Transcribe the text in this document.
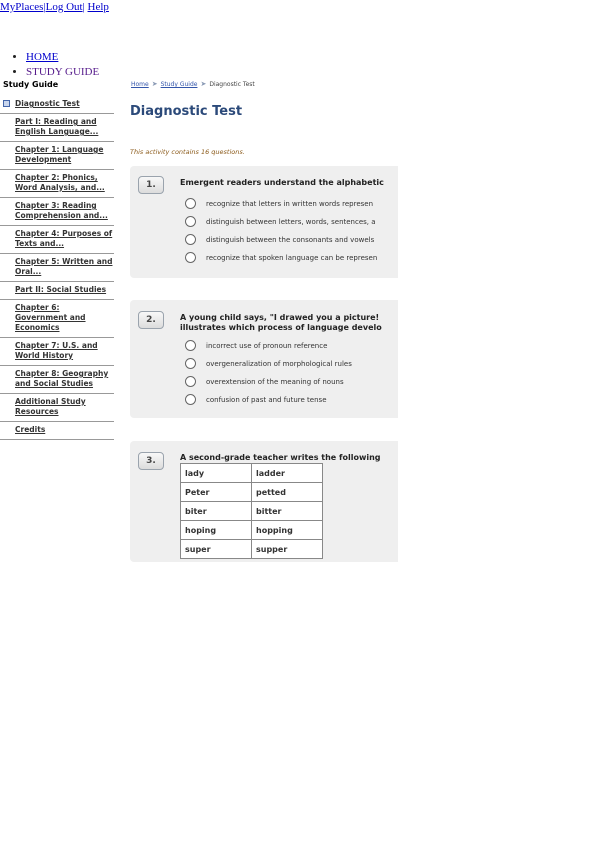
MyPlaces|Log Out| Help
• HOME
• STUDY GUIDE
Study Guide
Diagnostic Test
Part I: Reading and English Language...
Chapter 1: Language Development
Chapter 2: Phonics, Word Analysis, and...
Chapter 3: Reading Comprehension and...
Chapter 4: Purposes of Texts and...
Chapter 5: Written and Oral...
Part II: Social Studies
Chapter 6: Government and Economics
Chapter 7: U.S. and World History
Chapter 8: Geography and Social Studies
Additional Study Resources
Credits
Home ➤ Study Guide ➤ Diagnostic Test
Diagnostic Test
This activity contains 16 questions.
1.	Emergent readers understand the alphabetic
recognize that letters in written words represen
distinguish between letters, words, sentences, a
distinguish between the consonants and vowels
recognize that spoken language can be represen
2.	A young child says, "I drawed you a picture!
illustrates which process of language develo
incorrect use of pronoun reference
overgeneralization of morphological rules
overextension of the meaning of nouns
confusion of past and future tense
3.	A second-grade teacher writes the following
lady	ladder
Peter	petted
biter	bitter
hoping	hopping
super	supper
